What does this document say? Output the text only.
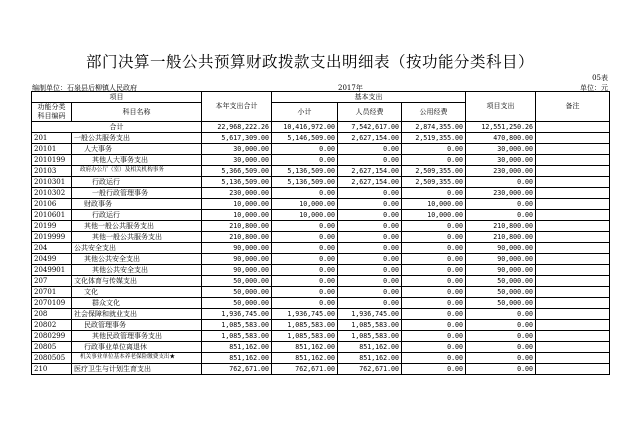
部门决算一般公共预算财政拨款支出明细表（按功能分类科目）
05表
编制单位：石泉县后柳镇人民政府	2017年	单位：元
项目		本年支出合计	基本支出			项目支出	备注
功能分类
科目编码	科目名称		小计	人员经费	公用经费		
合计		22,968,222.26	10,416,972.00	7,542,617.00	2,874,355.00	12,551,250.26	
201	一般公共服务支出	5,617,309.00	5,146,509.00	2,627,154.00	2,519,355.00	470,800.00	
20101	人大事务	30,000.00	0.00	0.00	0.00	30,000.00	
2010199	其他人大事务支出	30,000.00	0.00	0.00	0.00	30,000.00	
20103	政府办公厅（室）及相关机构事务	5,366,509.00	5,136,509.00	2,627,154.00	2,509,355.00	230,000.00	
2010301	行政运行	5,136,509.00	5,136,509.00	2,627,154.00	2,509,355.00	0.00	
2010302	一般行政管理事务	230,000.00	0.00	0.00	0.00	230,000.00	
20106	财政事务	10,000.00	10,000.00	0.00	10,000.00	0.00	
2010601	行政运行	10,000.00	10,000.00	0.00	10,000.00	0.00	
20199	其他一般公共服务支出	210,800.00	0.00	0.00	0.00	210,800.00	
2019999	其他一般公共服务支出	210,800.00	0.00	0.00	0.00	210,800.00	
204	公共安全支出	90,000.00	0.00	0.00	0.00	90,000.00	
20499	其他公共安全支出	90,000.00	0.00	0.00	0.00	90,000.00	
2049901	其他公共安全支出	90,000.00	0.00	0.00	0.00	90,000.00	
207	文化体育与传媒支出	50,000.00	0.00	0.00	0.00	50,000.00	
20701	文化	50,000.00	0.00	0.00	0.00	50,000.00	
2070109	群众文化	50,000.00	0.00	0.00	0.00	50,000.00	
208	社会保障和就业支出	1,936,745.00	1,936,745.00	1,936,745.00	0.00	0.00	
20802	民政管理事务	1,085,583.00	1,085,583.00	1,085,583.00	0.00	0.00	
2080299	其他民政管理事务支出	1,085,583.00	1,085,583.00	1,085,583.00	0.00	0.00	
20805	行政事业单位离退休	851,162.00	851,162.00	851,162.00	0.00	0.00	
2080505	机关事业单位基本养老保险缴费支出★	851,162.00	851,162.00	851,162.00	0.00	0.00	
210	医疗卫生与计划生育支出	762,671.00	762,671.00	762,671.00	0.00	0.00	
